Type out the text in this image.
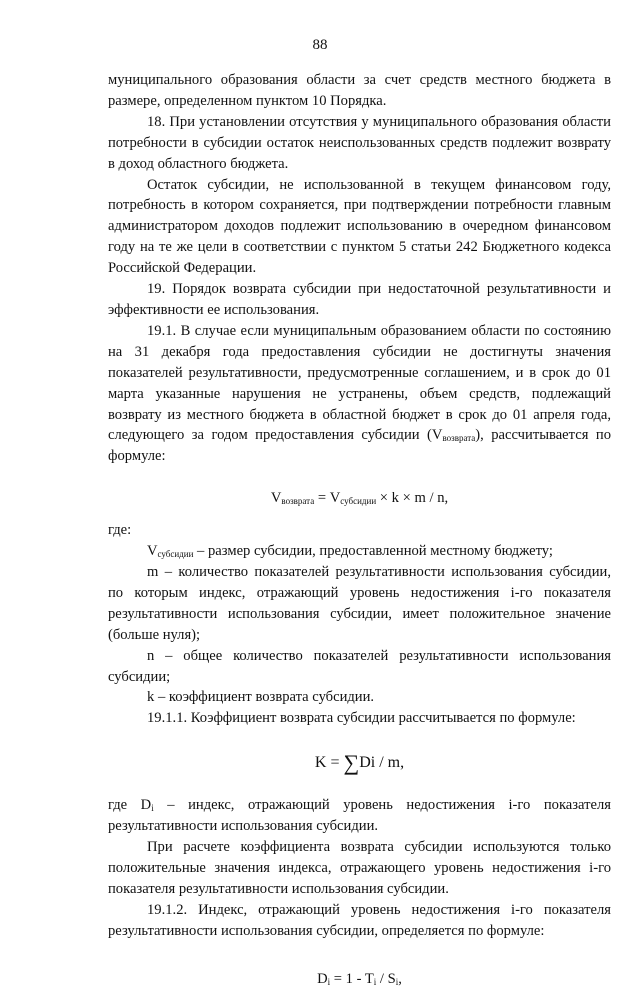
88

муниципального образования области за счет средств местного бюджета в размере, определенном пунктом 10 Порядка.

18. При установлении отсутствия у муниципального образования области потребности в субсидии остаток неиспользованных средств подлежит возврату в доход областного бюджета.

Остаток субсидии, не использованной в текущем финансовом году, потребность в котором сохраняется, при подтверждении потребности главным администратором доходов подлежит использованию в очередном финансовом году на те же цели в соответствии с пунктом 5 статьи 242 Бюджетного кодекса Российской Федерации.

19. Порядок возврата субсидии при недостаточной результативности и эффективности ее использования.

19.1. В случае если муниципальным образованием области по состоянию на 31 декабря года предоставления субсидии не достигнуты значения показателей результативности, предусмотренные соглашением, и в срок до 01 марта указанные нарушения не устранены, объем средств, подлежащий возврату из местного бюджета в областной бюджет в срок до 01 апреля года, следующего за годом предоставления субсидии $(V_{возврата})$, рассчитывается по формуле:

$V_{возврата} = V_{субсидии} \times k \times m / n$,

где:

$V_{субсидии}$ – размер субсидии, предоставленной местному бюджету;

m – количество показателей результативности использования субсидии, по которым индекс, отражающий уровень недостижения i-го показателя результативности использования субсидии, имеет положительное значение (больше нуля);

n – общее количество показателей результативности использования субсидии;

k – коэффициент возврата субсидии.

19.1.1. Коэффициент возврата субсидии рассчитывается по формуле:

K = ∑Di / m,

где $D_i$ – индекс, отражающий уровень недостижения i-го показателя результативности использования субсидии.

При расчете коэффициента возврата субсидии используются только положительные значения индекса, отражающего уровень недостижения i-го показателя результативности использования субсидии.

19.1.2. Индекс, отражающий уровень недостижения i-го показателя результативности использования субсидии, определяется по формуле:

$D_i = 1 - T_i / S_i$,
